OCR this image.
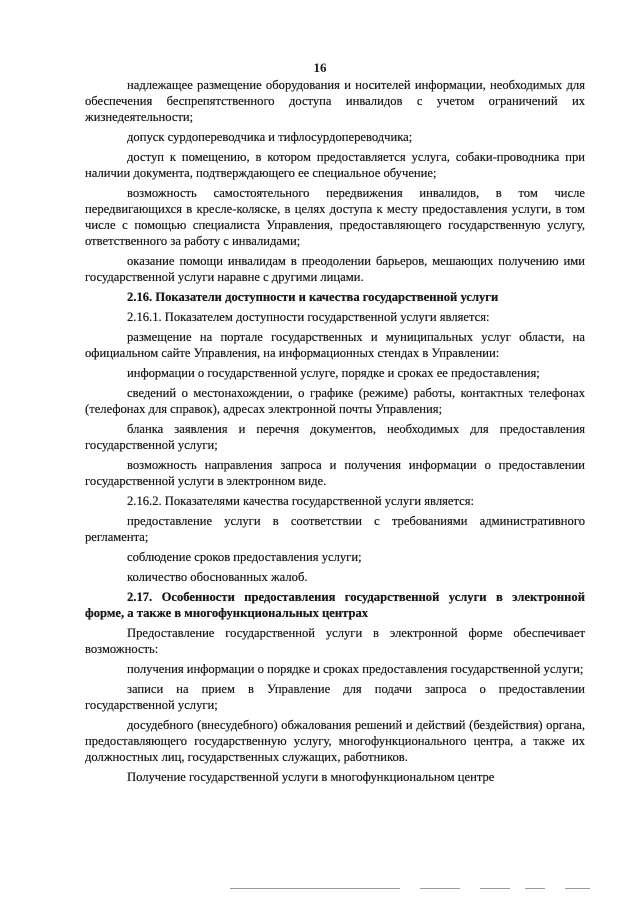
16

надлежащее размещение оборудования и носителей информации, необходимых для обеспечения беспрепятственного доступа инвалидов с учетом ограничений их жизнедеятельности;

допуск сурдопереводчика и тифлосурдопереводчика;

доступ к помещению, в котором предоставляется услуга, собаки-проводника при наличии документа, подтверждающего ее специальное обучение;

возможность самостоятельного передвижения инвалидов, в том числе передвигающихся в кресле-коляске, в целях доступа к месту предоставления услуги, в том числе с помощью специалиста Управления, предоставляющего государственную услугу, ответственного за работу с инвалидами;

оказание помощи инвалидам в преодолении барьеров, мешающих получению ими государственной услуги наравне с другими лицами.

2.16. Показатели доступности и качества государственной услуги

2.16.1. Показателем доступности государственной услуги является:

размещение на портале государственных и муниципальных услуг области, на официальном сайте Управления, на информационных стендах в Управлении:

информации о государственной услуге, порядке и сроках ее предоставления;

сведений о местонахождении, о графике (режиме) работы, контактных телефонах (телефонах для справок), адресах электронной почты Управления;

бланка заявления и перечня документов, необходимых для предоставления государственной услуги;

возможность направления запроса и получения информации о предоставлении государственной услуги в электронном виде.

2.16.2. Показателями качества государственной услуги является:

предоставление услуги в соответствии с требованиями административного регламента;

соблюдение сроков предоставления услуги;

количество обоснованных жалоб.

2.17. Особенности предоставления государственной услуги в электронной форме, а также в многофункциональных центрах

Предоставление государственной услуги в электронной форме обеспечивает возможность:

получения информации о порядке и сроках предоставления государственной услуги;

записи на прием в Управление для подачи запроса о предоставлении государственной услуги;

досудебного (внесудебного) обжалования решений и действий (бездействия) органа, предоставляющего государственную услугу, многофункционального центра, а также их должностных лиц, государственных служащих, работников.

Получение государственной услуги в многофункциональном центре
